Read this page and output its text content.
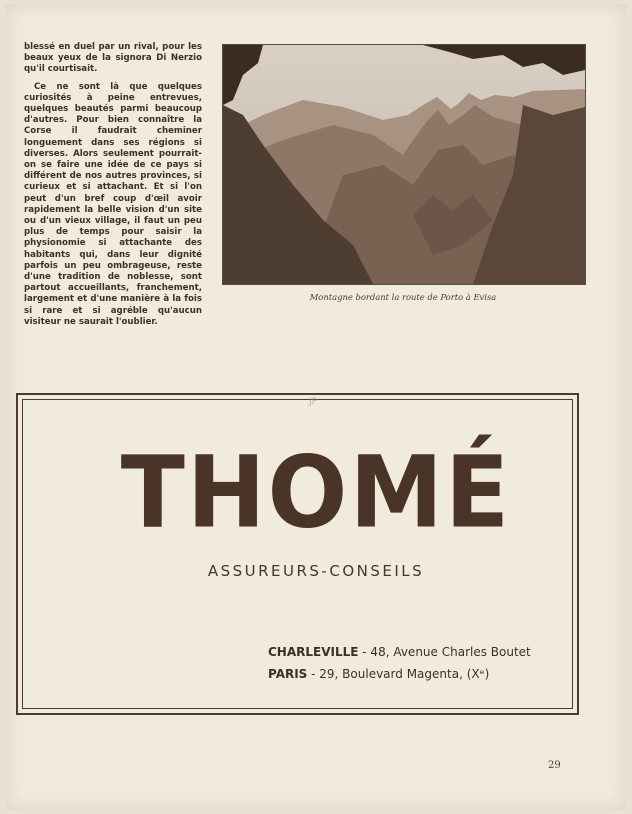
blessé en duel par un rival, pour les beaux yeux de la signora Di Nerzio qu'il courtisait.

Ce ne sont là que quelques curiosités à peine entrevues, quelques beautés parmi beaucoup d'autres. Pour bien connaître la Corse il faudrait cheminer longuement dans ses régions si diverses. Alors seulement pourrait-on se faire une idée de ce pays si différent de nos autres provinces, si curieux et si attachant. Et si l'on peut d'un bref coup d'œil avoir rapidement la belle vision d'un site ou d'un vieux village, il faut un peu plus de temps pour saisir la physionomie si attachante des habitants qui, dans leur dignité parfois un peu ombrageuse, reste d'une tradition de noblesse, sont partout accueillants, franchement, largement et d'une manière à la fois si rare et si agréble qu'aucun visiteur ne saurait l'oublier.

Montagne bordant la route de Porto à Evisa
JP
THOMÉ
ASSUREURS-CONSEILS
CHARLEVILLE - 48, Avenue Charles Boutet
PARIS - 29, Boulevard Magenta, (Xᵉ)
29
